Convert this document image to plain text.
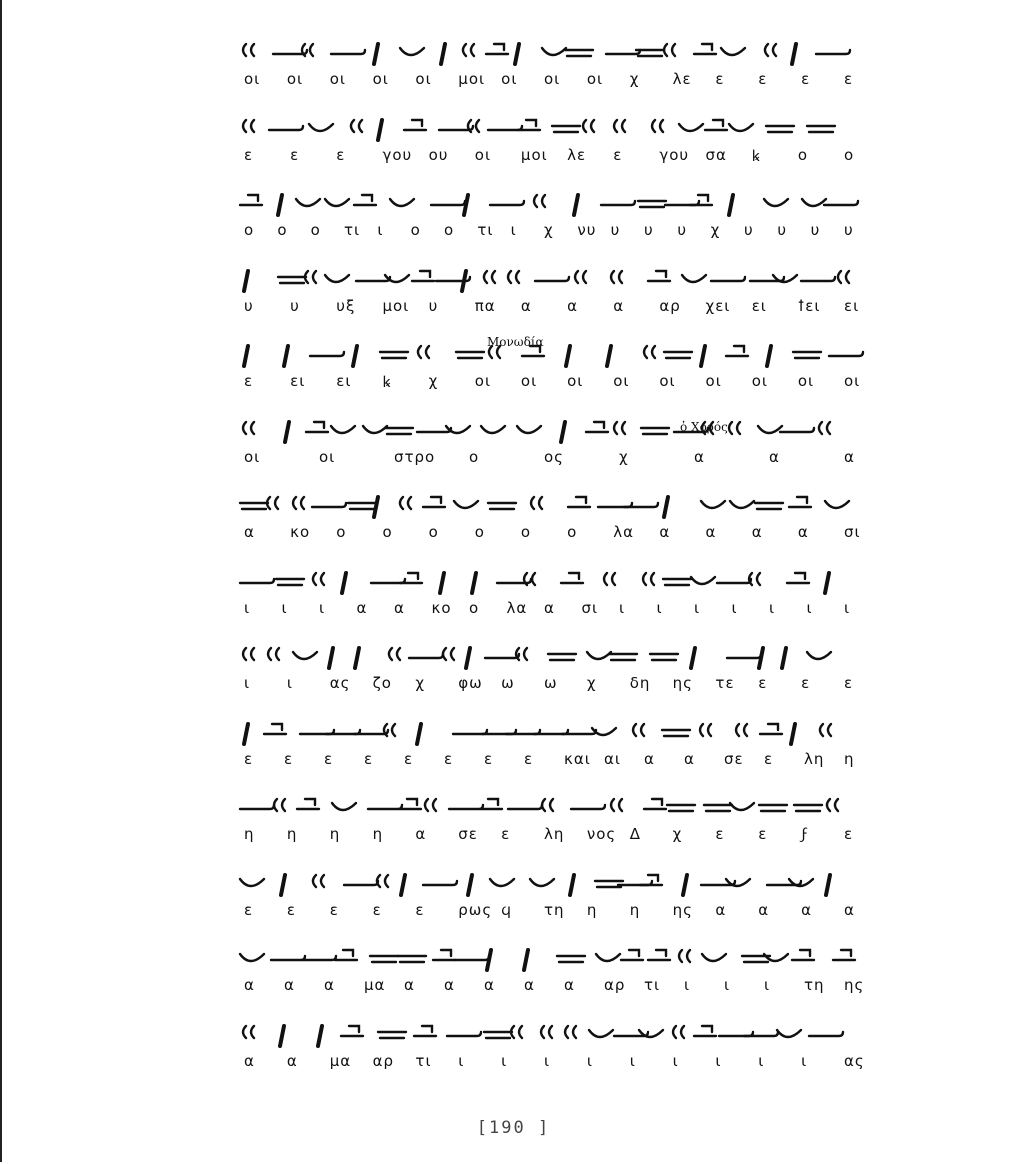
Μονωδία
ὁ Χορός
οι οι οι οι οι μοι οι οι οι χ λε ε ε ε ε
ε ε ε γου ου οι μοι λε ε γου σα ꝃ ο ο
ο ο ο τι ι ο ο τι ι χ νυ υ υ υ χ υ υ υ υ
υ υ υξ μοι υ πα α α α αρ χει ει ꝉει ει
ε ει ει ꝃ χ οι οι οι οι οι οι οι οι οι
οι	οι	στρο ο	ος	χ	α	α	α
α κο ο ο ο ο ο ο λα α α α α σι
ι ι ι α α κο ο λα α σι ι ι ι ι ι ι ι
ι ι ας ζο χ φω ω ω χ δη ης τε ε ε ε
ε ε ε ε ε ε ε ε και αι α α σε ε λη η
η η η η α σε ε λη νος Δ χ ε ε ϝ ε
ε ε ε ε ε ρως ϥ τη η η ης α α α α
α α α μα α α α α α αρ τι ι ι ι τη ης
α α μα αρ τι ι ι ι ι ι ι ι ι ι ας
[190 ]
